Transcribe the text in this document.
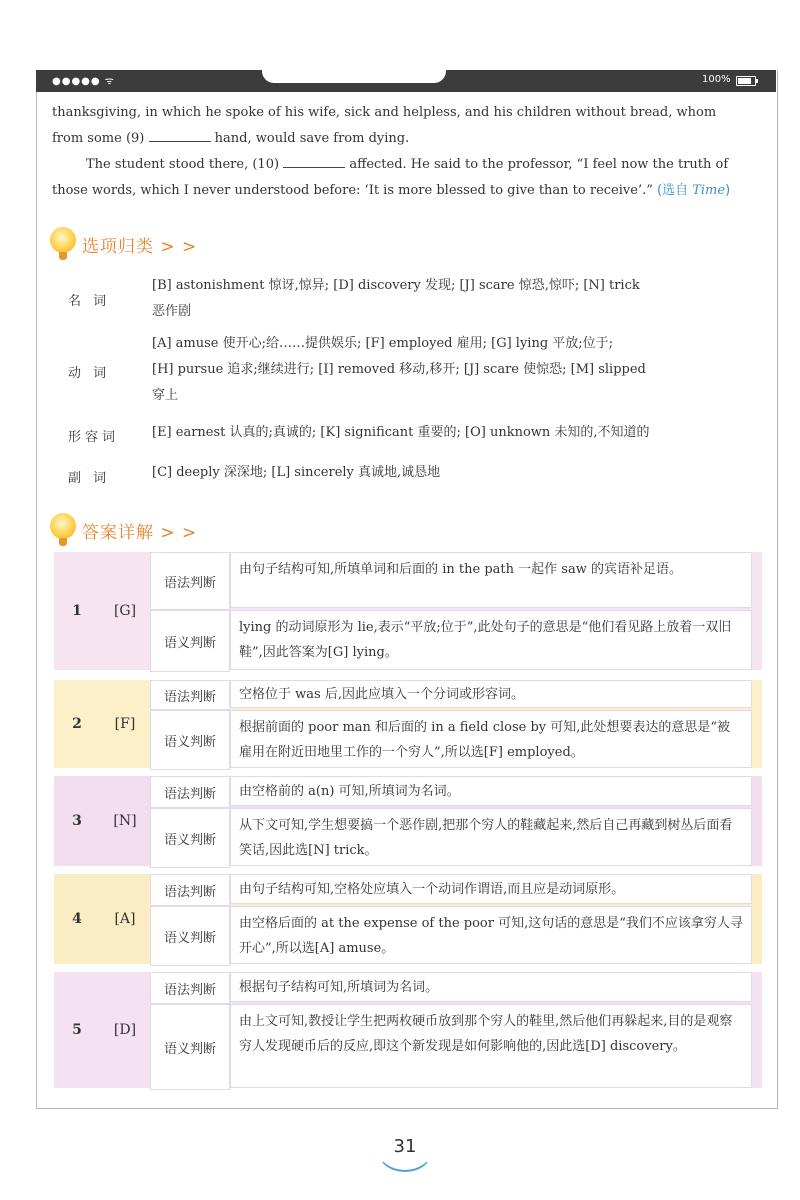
●●●●● ᯤ	100%
thanksgiving, in which he spoke of his wife, sick and helpless, and his children without bread, whom
from some (9)	hand, would save from dying.
The student stood there, (10)	affected. He said to the professor, “I feel now the truth of
those words, which I never understood before: ‘It is more blessed to give than to receive’.” (选自 Time)
选项归类 > >
名 词
[B] astonishment 惊讶,惊异; [D] discovery 发现; [J] scare 惊恐,惊吓; [N] trick
恶作剧
动 词
[A] amuse 使开心;给……提供娱乐; [F] employed 雇用; [G] lying 平放;位于;
[H] pursue 追求;继续进行; [I] removed 移动,移开; [J] scare 使惊恐; [M] slipped
穿上
形容词	[E] earnest 认真的;真诚的; [K] significant 重要的; [O] unknown 未知的,不知道的
副 词	[C] deeply 深深地; [L] sincerely 真诚地,诚恳地
答案详解 > >
1	[G]
语法判断
由句子结构可知,所填单词和后面的 in the path 一起作 saw 的宾语补足语。
语义判断
lying 的动词原形为 lie,表示“平放;位于”,此处句子的意思是“他们看见路上放着一双旧鞋”,因此答案为[G] lying。
2	[F]
语法判断	空格位于 was 后,因此应填入一个分词或形容词。
语义判断
根据前面的 poor man 和后面的 in a field close by 可知,此处想要表达的意思是“被雇用在附近田地里工作的一个穷人”,所以选[F] employed。
3	[N]
语法判断	由空格前的 a(n) 可知,所填词为名词。
语义判断
从下文可知,学生想要搞一个恶作剧,把那个穷人的鞋藏起来,然后自己再藏到树丛后面看笑话,因此选[N] trick。
4	[A]
语法判断	由句子结构可知,空格处应填入一个动词作谓语,而且应是动词原形。
语义判断
由空格后面的 at the expense of the poor 可知,这句话的意思是“我们不应该拿穷人寻开心”,所以选[A] amuse。
5	[D]
语法判断	根据句子结构可知,所填词为名词。
语义判断
由上文可知,教授让学生把两枚硬币放到那个穷人的鞋里,然后他们再躲起来,目的是观察穷人发现硬币后的反应,即这个新发现是如何影响他的,因此选[D] discovery。
31
